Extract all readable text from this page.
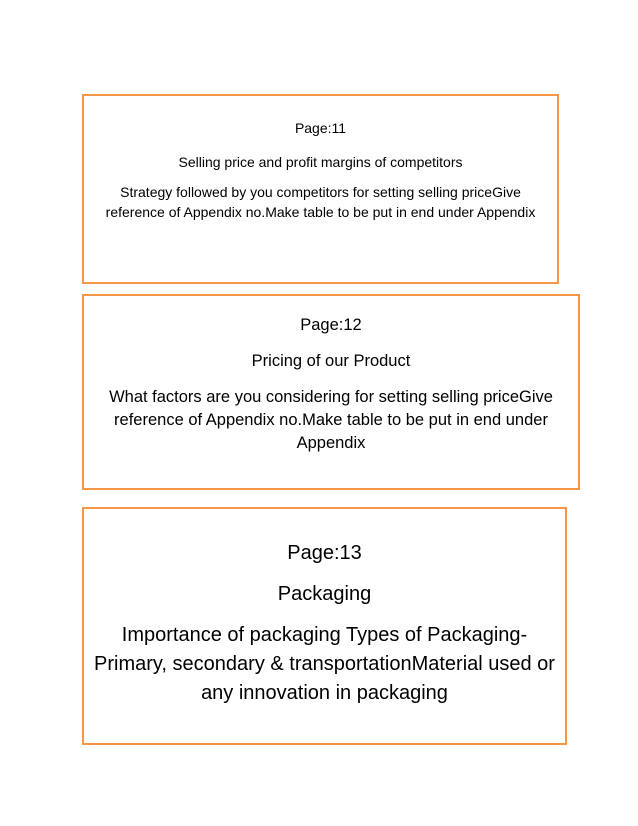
Page:11

Selling price and profit margins of competitors

Strategy followed by you competitors for setting selling priceGive reference of Appendix no.Make table to be put in end under Appendix

Page:12

Pricing of our Product

What factors are you considering for setting selling priceGive reference of Appendix no.Make table to be put in end under Appendix

Page:13

Packaging

Importance of packaging Types of Packaging-Primary, secondary & transportationMaterial used or any innovation in packaging
